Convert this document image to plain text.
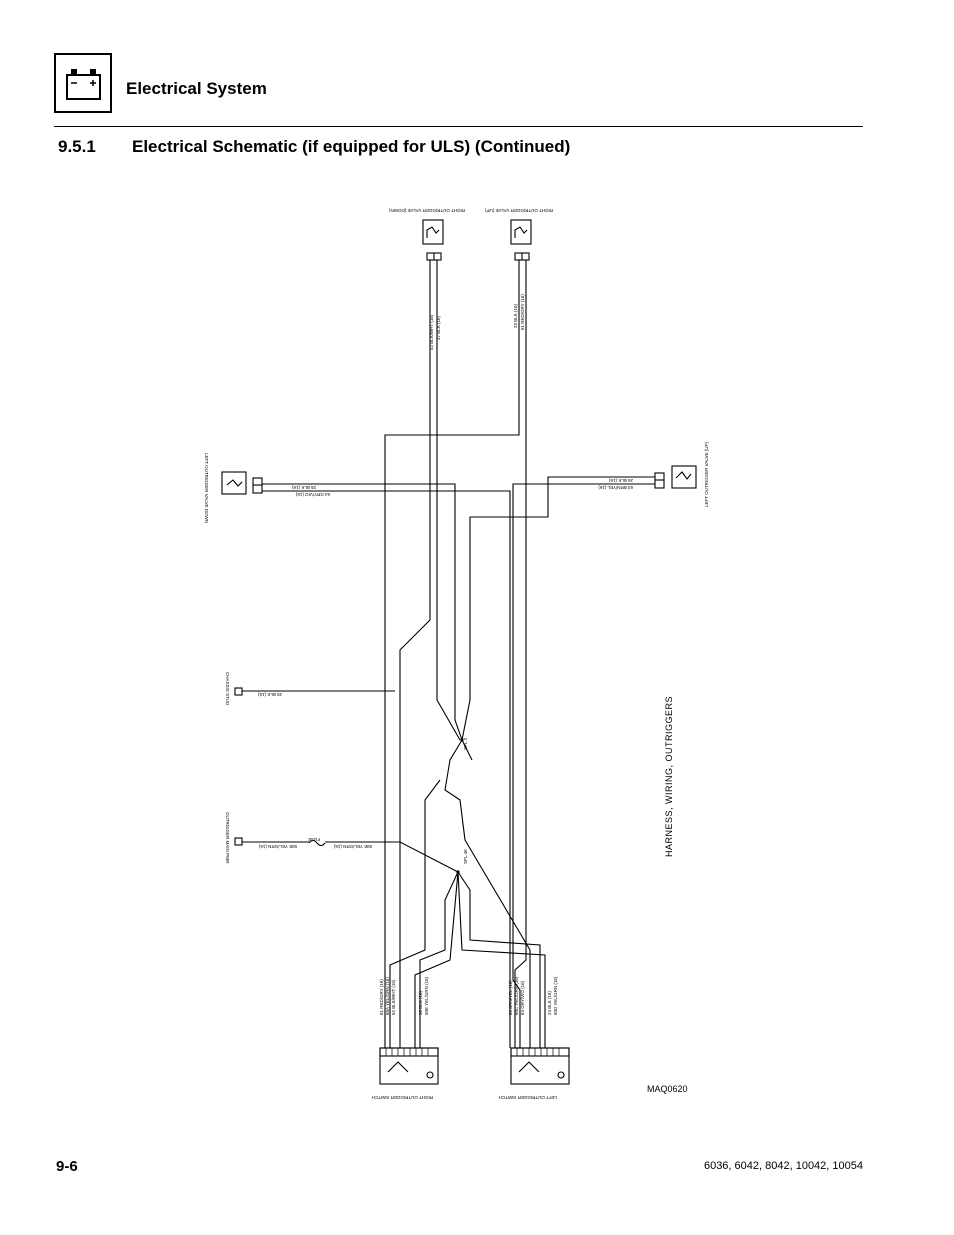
Electrical System
9.5.1 Electrical Schematic (if equipped for ULS) (Continued)
RIGHT OUTRIGGER VALVE (DOWN)	RIGHT OUTRIGGER VALVE (UP)
LEFT OUTRIGGER VALVE DOWN	LEFT OUTRIGGER VALVE (UP)
CHASSIS STUD
OUTRIGGER MAIN PWR	FUSE
SPL 2
SPL 46
RIGHT OUTRIGGER SWITCH	LEFT OUTRIGGER SWITCH
52 BLK/WHT (16) 37 BLK (16)	23 BLK (16) 61 RED/GRY (16)
25 BLK (16)
64 GRY/VIO (16)
26 BLK (16)
63 BRN/YEL (16)
25 BLK (16)
50E YEL/GRN (16)	50E YEL/GRN (16)
61 RED/GRY (16) 60A YEL/GRN (16) 52 BLK/WHT (16)	36 BLK (16) 50E YEL/GRN (16)	63 BRN/YEL (16) 60C YEL/GRN (16) 64 GRY/VIO (16)	24 BLK (16) 60D YEL/GRN (16)
HARNESS, WIRING, OUTRIGGERS
MAQ0620
9-6	6036, 6042, 8042, 10042, 10054
